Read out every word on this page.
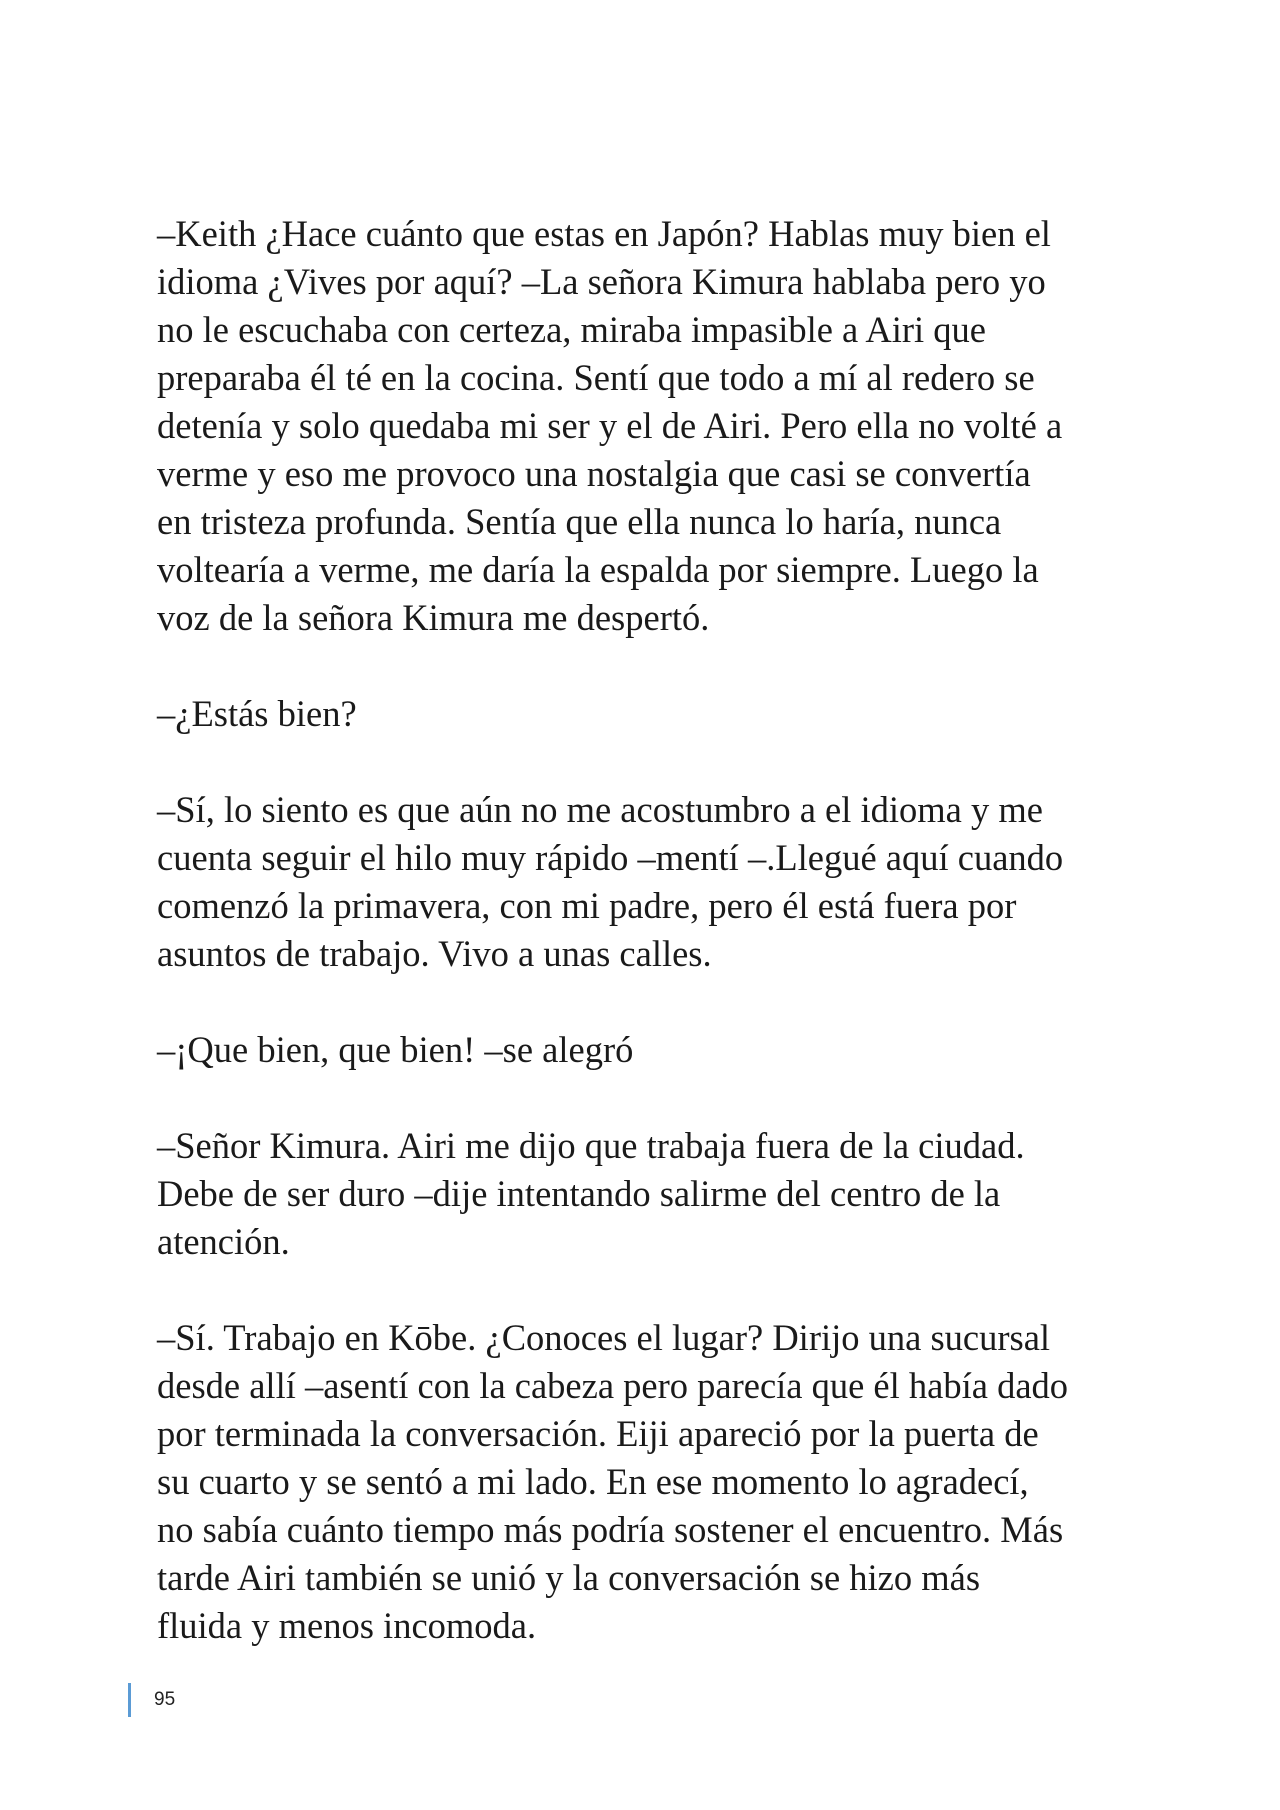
–Keith ¿Hace cuánto que estas en Japón? Hablas muy bien el
idioma ¿Vives por aquí? –La señora Kimura hablaba pero yo
no le escuchaba con certeza, miraba impasible a Airi que
preparaba él té en la cocina. Sentí que todo a mí al redero se
detenía y solo quedaba mi ser y el de Airi. Pero ella no volté a
verme y eso me provoco una nostalgia que casi se convertía
en tristeza profunda. Sentía que ella nunca lo haría, nunca
voltearía a verme, me daría la espalda por siempre. Luego la
voz de la señora Kimura me despertó.

–¿Estás bien?

–Sí, lo siento es que aún no me acostumbro a el idioma y me
cuenta seguir el hilo muy rápido –mentí –.Llegué aquí cuando
comenzó la primavera, con mi padre, pero él está fuera por
asuntos de trabajo. Vivo a unas calles.

–¡Que bien, que bien! –se alegró

–Señor Kimura. Airi me dijo que trabaja fuera de la ciudad.
Debe de ser duro –dije intentando salirme del centro de la
atención.

–Sí. Trabajo en Kōbe. ¿Conoces el lugar? Dirijo una sucursal
desde allí –asentí con la cabeza pero parecía que él había dado
por terminada la conversación. Eiji apareció por la puerta de
su cuarto y se sentó a mi lado. En ese momento lo agradecí,
no sabía cuánto tiempo más podría sostener el encuentro. Más
tarde Airi también se unió y la conversación se hizo más
fluida y menos incomoda.

95
